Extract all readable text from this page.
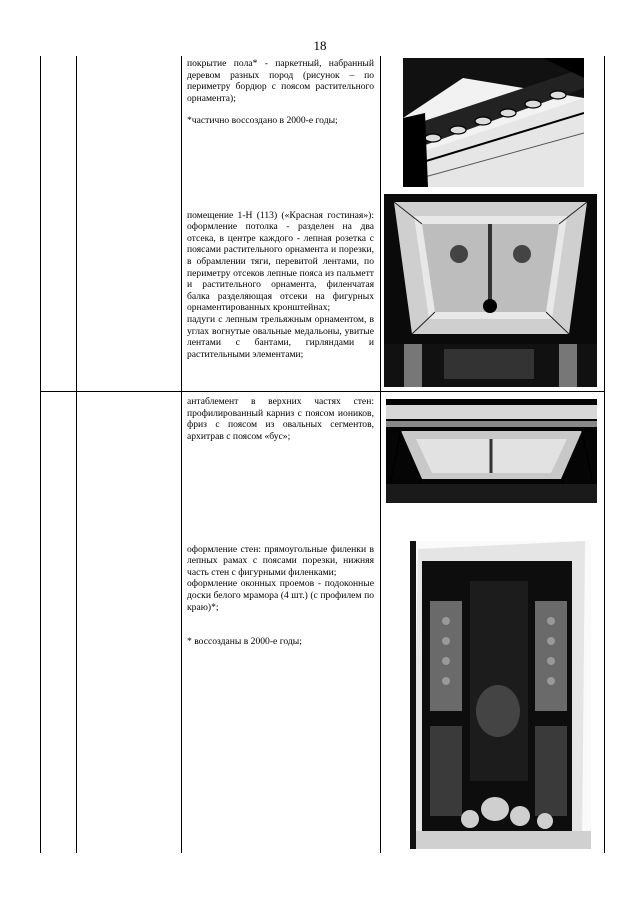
18

покрытие пола* - паркетный, набранный деревом разных пород (рисунок – по периметру бордюр с поясом растительного орнамента);

*частично воссоздано в 2000-е годы;

помещение 1-Н (113) («Красная гостиная»): оформление потолка - разделен на два отсека, в центре каждого - лепная розетка с поясами растительного орнамента и порезки, в обрамлении тяги, перевитой лентами, по периметру отсеков лепные пояса из пальметт и растительного орнамента, филенчатая балка разделяющая отсеки на фигурных орнаментированных кронштейнах;
падуги с лепным трельяжным орнаментом, в углах вогнутые овальные медальоны, увитые лентами с бантами, гирляндами и растительными элементами;

антаблемент в верхних частях стен: профилированный карниз с поясом иоников, фриз с поясом из овальных сегментов, архитрав с поясом «бус»;

оформление стен: прямоугольные филенки в лепных рамах с поясами порезки, нижняя часть стен с фигурными филенками;
оформление оконных проемов - подоконные доски белого мрамора (4 шт.) (с профилем по краю)*;

* воссозданы в 2000-е годы;
